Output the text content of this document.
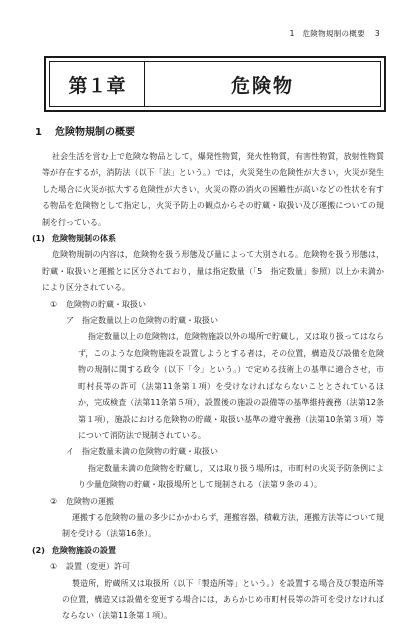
1　危険物規制の概要 3
第１章	危険物
1 危険物規制の概要

社会生活を営む上で危険な物品として，爆発性物質，発火性物質，有害性物質，放射性物質等が存在するが，消防法（以下「法」という。）では，火災発生の危険性が大きい，火災が発生した場合に火災が拡大する危険性が大きい，火災の際の消火の困難性が高いなどの性状を有する物品を危険物として指定し，火災予防上の観点からその貯蔵・取扱い及び運搬についての規制を行っている。

(1) 危険物規制の体系

危険物規制の内容は，危険物を扱う形態及び量によって大別される。危険物を扱う形態は，貯蔵・取扱いと運搬とに区分されており，量は指定数量（「5　指定数量」参照）以上か未満かにより区分されている。

① 危険物の貯蔵・取扱い
ア 指定数量以上の危険物の貯蔵・取扱い

指定数量以上の危険物は，危険物施設以外の場所で貯蔵し，又は取り扱ってはならず，このような危険物施設を設置しようとする者は，その位置，構造及び設備を危険物の規制に関する政令（以下「令」という。）で定める技術上の基準に適合させ，市町村長等の許可（法第11条第１項）を受けなければならないこととされているほか，完成検査（法第11条第５項），設置後の施設の設備等の基準維持義務（法第12条第１項），施設における危険物の貯蔵・取扱い基準の遵守義務（法第10条第３項）等について消防法で規制されている。

イ 指定数量未満の危険物の貯蔵・取扱い

指定数量未満の危険物を貯蔵し，又は取り扱う場所は，市町村の火災予防条例により少量危険物の貯蔵・取扱場所として規制される（法第９条の４）。

② 危険物の運搬

運搬する危険物の量の多少にかかわらず，運搬容器，積載方法，運搬方法等について規制を受ける（法第16条）。

(2) 危険物施設の設置
① 設置（変更）許可

製造所，貯蔵所又は取扱所（以下「製造所等」という。）を設置する場合及び製造所等の位置，構造又は設備を変更する場合には，あらかじめ市町村長等の許可を受けなければならない（法第11条第１項）。
